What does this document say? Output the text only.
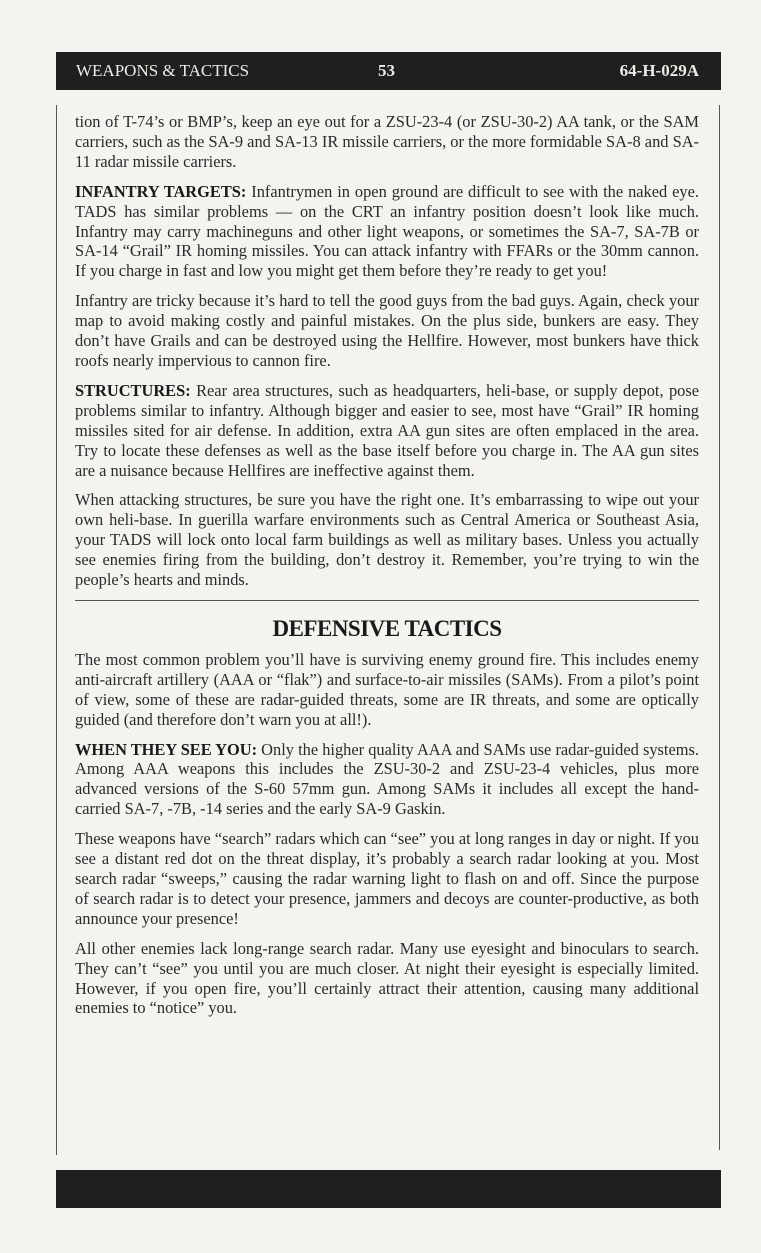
WEAPONS & TACTICS	53	64-H-029A

tion of T-74’s or BMP’s, keep an eye out for a ZSU-23-4 (or ZSU-30-2) AA tank, or the SAM carriers, such as the SA-9 and SA-13 IR missile carriers, or the more formidable SA-8 and SA-11 radar missile carriers.

INFANTRY TARGETS: Infantrymen in open ground are difficult to see with the naked eye. TADS has similar problems — on the CRT an infantry position doesn’t look like much. Infantry may carry machineguns and other light weapons, or sometimes the SA-7, SA-7B or SA-14 “Grail” IR homing missiles. You can attack infantry with FFARs or the 30mm cannon. If you charge in fast and low you might get them before they’re ready to get you!

Infantry are tricky because it’s hard to tell the good guys from the bad guys. Again, check your map to avoid making costly and painful mistakes. On the plus side, bunkers are easy. They don’t have Grails and can be destroyed using the Hellfire. However, most bunkers have thick roofs nearly impervious to cannon fire.

STRUCTURES: Rear area structures, such as headquarters, heli-base, or supply depot, pose problems similar to infantry. Although bigger and easier to see, most have “Grail” IR homing missiles sited for air defense. In addition, extra AA gun sites are often emplaced in the area. Try to locate these defenses as well as the base itself before you charge in. The AA gun sites are a nuisance because Hellfires are ineffective against them.

When attacking structures, be sure you have the right one. It’s embarrassing to wipe out your own heli-base. In guerilla warfare environments such as Central America or Southeast Asia, your TADS will lock onto local farm buildings as well as military bases. Unless you actually see enemies firing from the building, don’t destroy it. Remember, you’re trying to win the people’s hearts and minds.

DEFENSIVE TACTICS

The most common problem you’ll have is surviving enemy ground fire. This includes enemy anti-aircraft artillery (AAA or “flak”) and surface-to-air missiles (SAMs). From a pilot’s point of view, some of these are radar-guided threats, some are IR threats, and some are optically guided (and therefore don’t warn you at all!).

WHEN THEY SEE YOU: Only the higher quality AAA and SAMs use radar-guided systems. Among AAA weapons this includes the ZSU-30-2 and ZSU-23-4 vehicles, plus more advanced versions of the S-60 57mm gun. Among SAMs it includes all except the hand-carried SA-7, -7B, -14 series and the early SA-9 Gaskin.

These weapons have “search” radars which can “see” you at long ranges in day or night. If you see a distant red dot on the threat display, it’s probably a search radar looking at you. Most search radar “sweeps,” causing the radar warning light to flash on and off. Since the purpose of search radar is to detect your presence, jammers and decoys are counter-productive, as both announce your presence!

All other enemies lack long-range search radar. Many use eyesight and binoculars to search. They can’t “see” you until you are much closer. At night their eyesight is especially limited. However, if you open fire, you’ll certainly attract their attention, causing many additional enemies to “notice” you.
